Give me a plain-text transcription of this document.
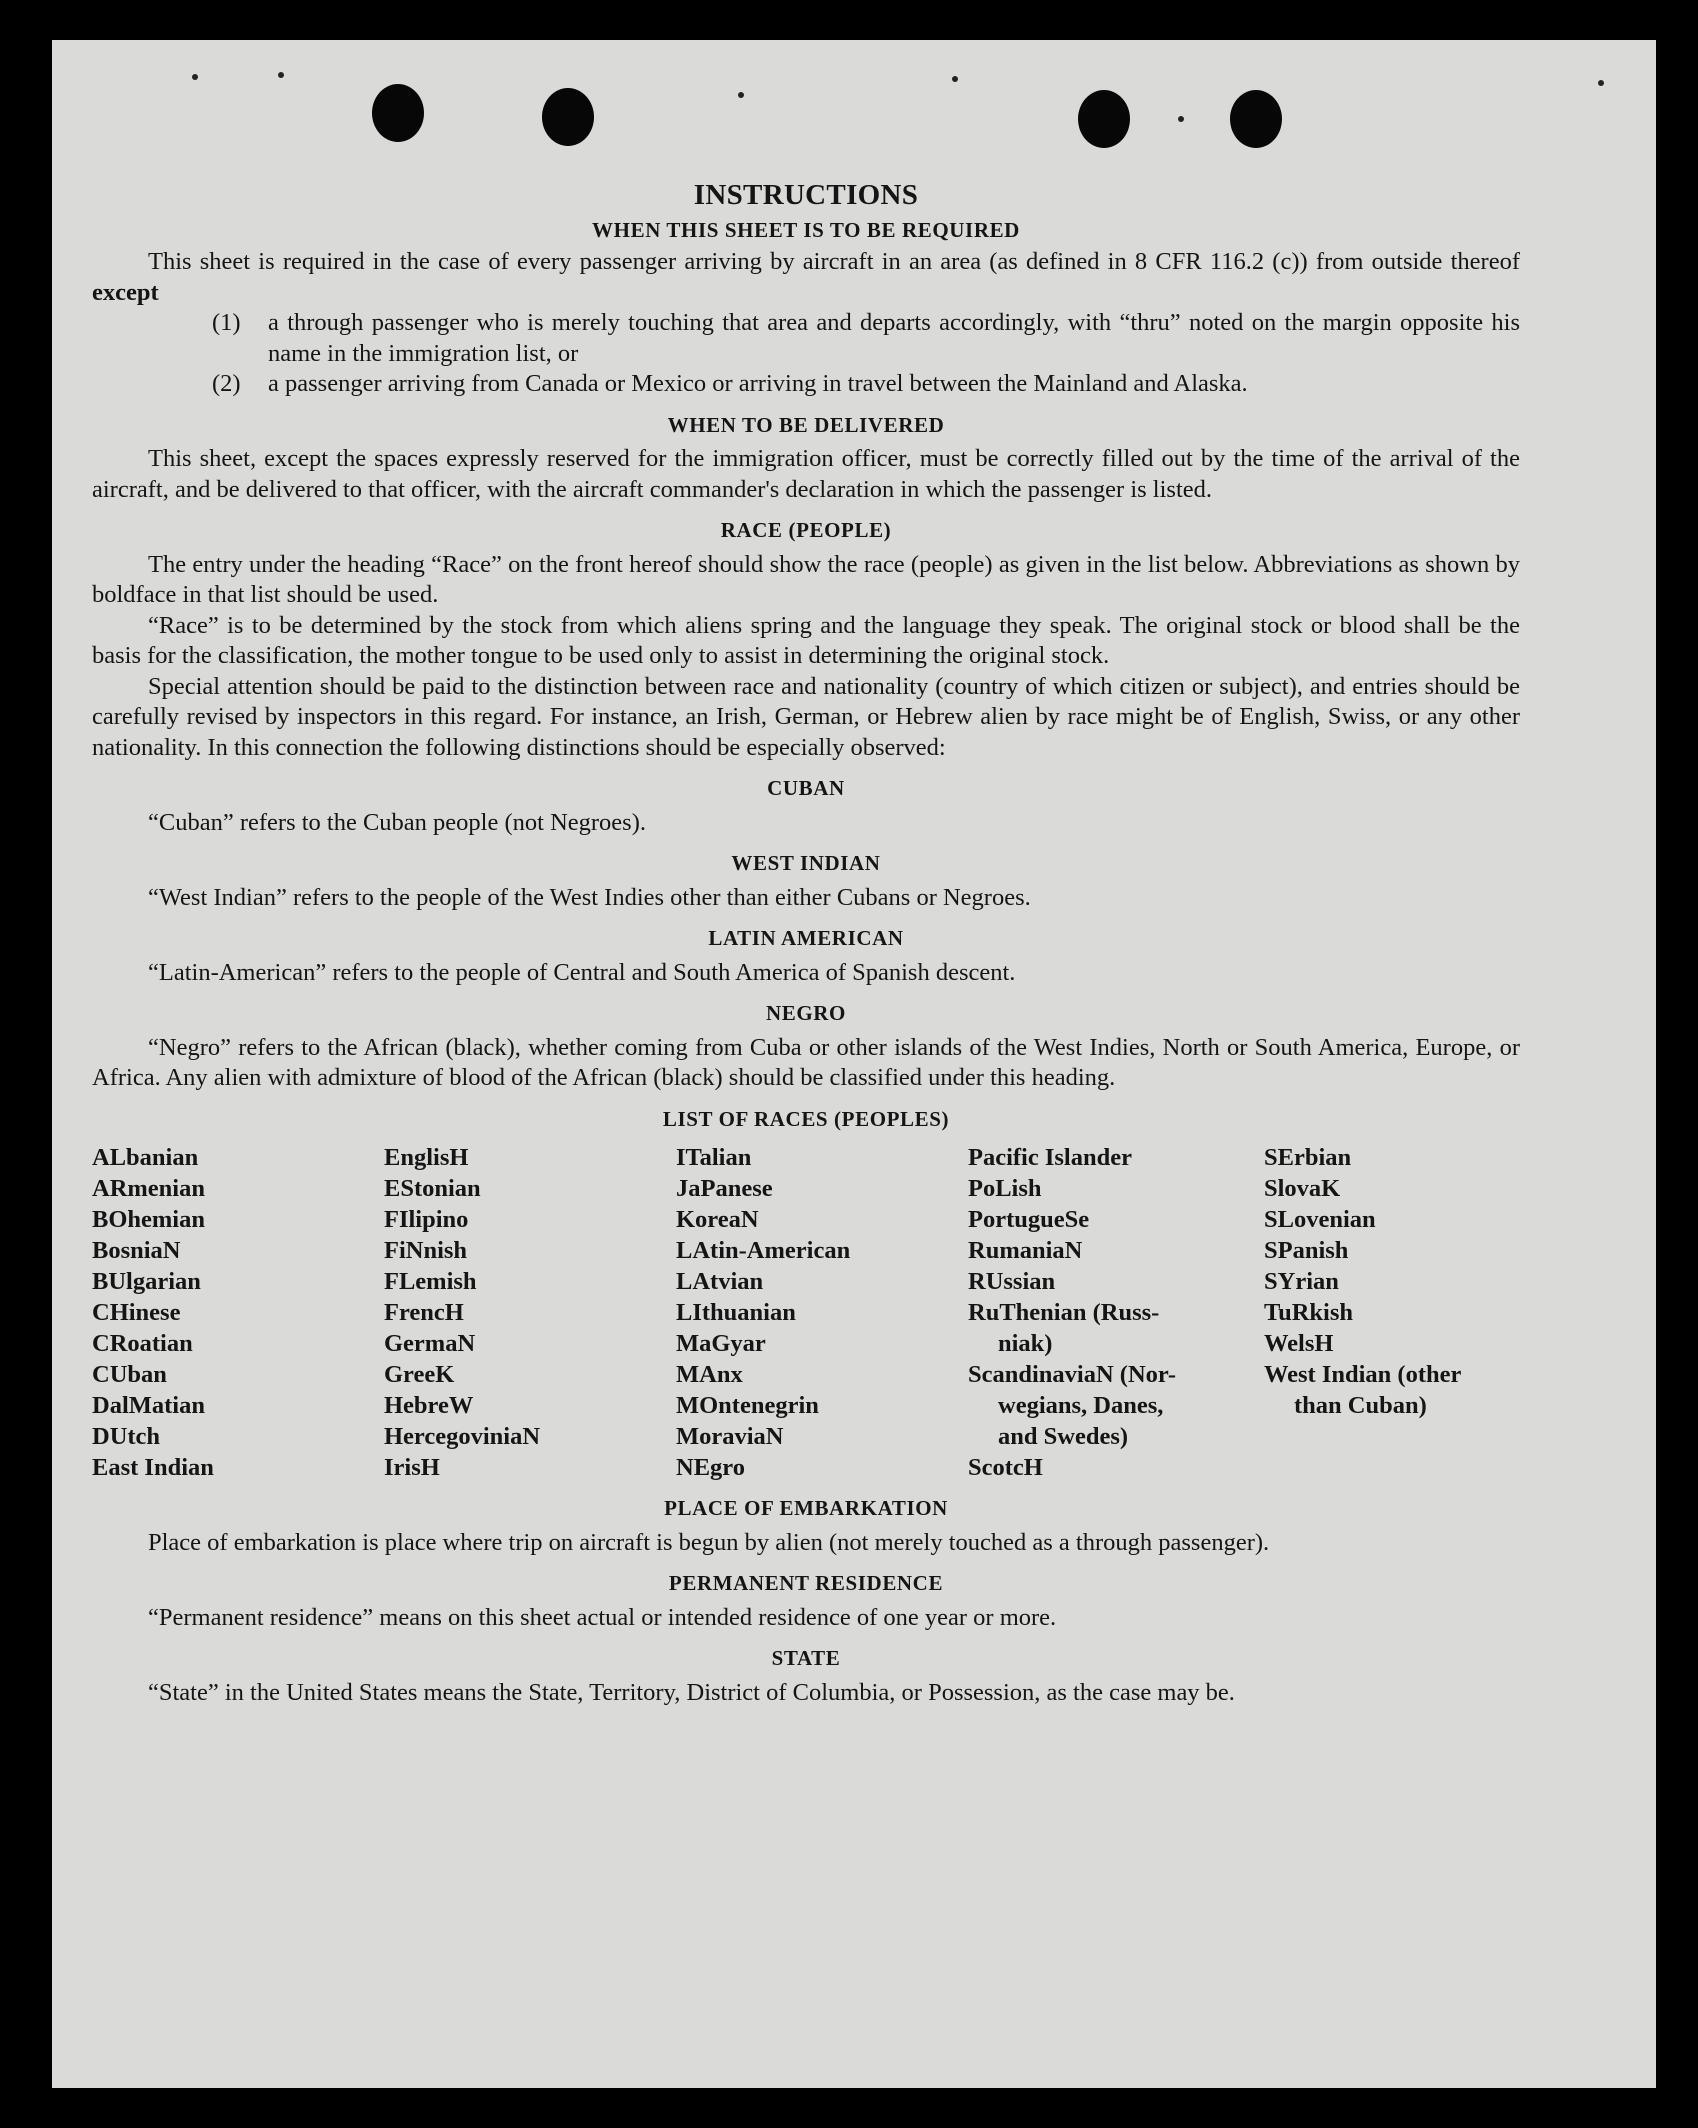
INSTRUCTIONS
WHEN THIS SHEET IS TO BE REQUIRED

This sheet is required in the case of every passenger arriving by aircraft in an area (as defined in 8 CFR 116.2 (c)) from outside thereof except

(1)	a through passenger who is merely touching that area and departs accordingly, with “thru” noted on the margin opposite his name in the immigration list, or
(2)	a passenger arriving from Canada or Mexico or arriving in travel between the Mainland and Alaska.
WHEN TO BE DELIVERED

This sheet, except the spaces expressly reserved for the immigration officer, must be correctly filled out by the time of the arrival of the aircraft, and be delivered to that officer, with the aircraft commander's declaration in which the passenger is listed.

RACE (PEOPLE)

The entry under the heading “Race” on the front hereof should show the race (people) as given in the list below. Abbreviations as shown by boldface in that list should be used.

“Race” is to be determined by the stock from which aliens spring and the language they speak. The original stock or blood shall be the basis for the classification, the mother tongue to be used only to assist in determining the original stock.

Special attention should be paid to the distinction between race and nationality (country of which citizen or subject), and entries should be carefully revised by inspectors in this regard. For instance, an Irish, German, or Hebrew alien by race might be of English, Swiss, or any other nationality. In this connection the following distinctions should be especially observed:

CUBAN

“Cuban” refers to the Cuban people (not Negroes).

WEST INDIAN

“West Indian” refers to the people of the West Indies other than either Cubans or Negroes.

LATIN AMERICAN

“Latin-American” refers to the people of Central and South America of Spanish descent.

NEGRO

“Negro” refers to the African (black), whether coming from Cuba or other islands of the West Indies, North or South America, Europe, or Africa. Any alien with admixture of blood of the African (black) should be classified under this heading.

LIST OF RACES (PEOPLES)
ALbanian
ARmenian
BOhemian
BosniaN
BUlgarian
CHinese
CRoatian
CUban
DalMatian
DUtch
East Indian
EnglisH
EStonian
FIlipino
FiNnish
FLemish
FrencH
GermaN
GreeK
HebreW
HercegoviniaN
IrisH
ITalian
JaPanese
KoreaN
LAtin-American
LAtvian
LIthuanian
MaGyar
MAnx
MOntenegrin
MoraviaN
NEgro
Pacific Islander
PoLish
PortugueSe
RumaniaN
RUssian
RuThenian (Russ-
niak)
ScandinaviaN (Nor-
wegians, Danes,
and Swedes)
ScotcH
SErbian
SlovaK
SLovenian
SPanish
SYrian
TuRkish
WelsH
West Indian (other
than Cuban)
PLACE OF EMBARKATION

Place of embarkation is place where trip on aircraft is begun by alien (not merely touched as a through passenger).

PERMANENT RESIDENCE

“Permanent residence” means on this sheet actual or intended residence of one year or more.

STATE

“State” in the United States means the State, Territory, District of Columbia, or Possession, as the case may be.
